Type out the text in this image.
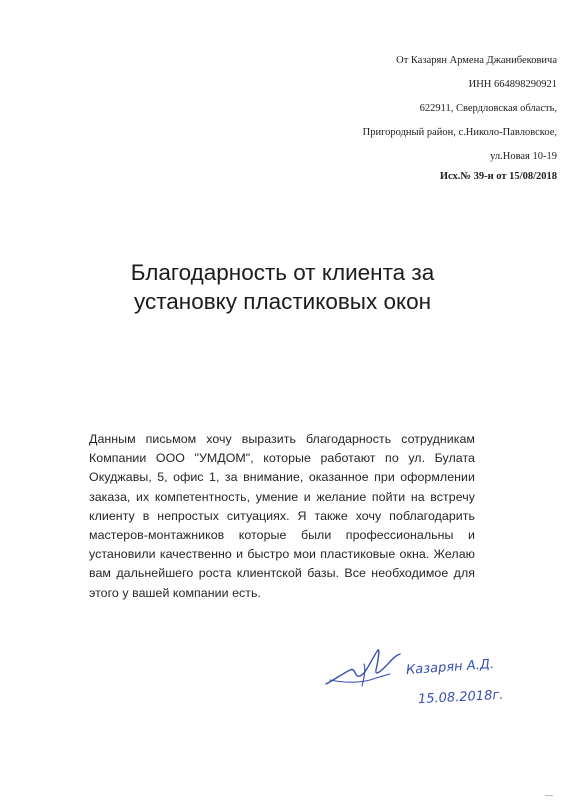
От Казарян Армена Джанибековича
ИНН 664898290921
622911, Свердловская область,
Пригородный район, с.Николо-Павловское,
ул.Новая 10-19
Исх.№ 39-и от 15/08/2018
Благодарность от клиента за
установку пластиковых окон
Данным письмом хочу выразить благодарность сотрудникам Компании ООО "УМДОМ", которые работают по ул. Булата Окуджавы, 5, офис 1, за внимание, оказанное при оформлении заказа, их компетентность, умение и желание пойти на встречу клиенту в непростых ситуациях. Я также хочу поблагодарить мастеров-монтажников которые были профессиональны и установили качественно и быстро мои пластиковые окна. Желаю вам дальнейшего роста клиентской базы. Все необходимое для этого у вашей компании есть.
Казарян А.Д.
15.08.2018г.
